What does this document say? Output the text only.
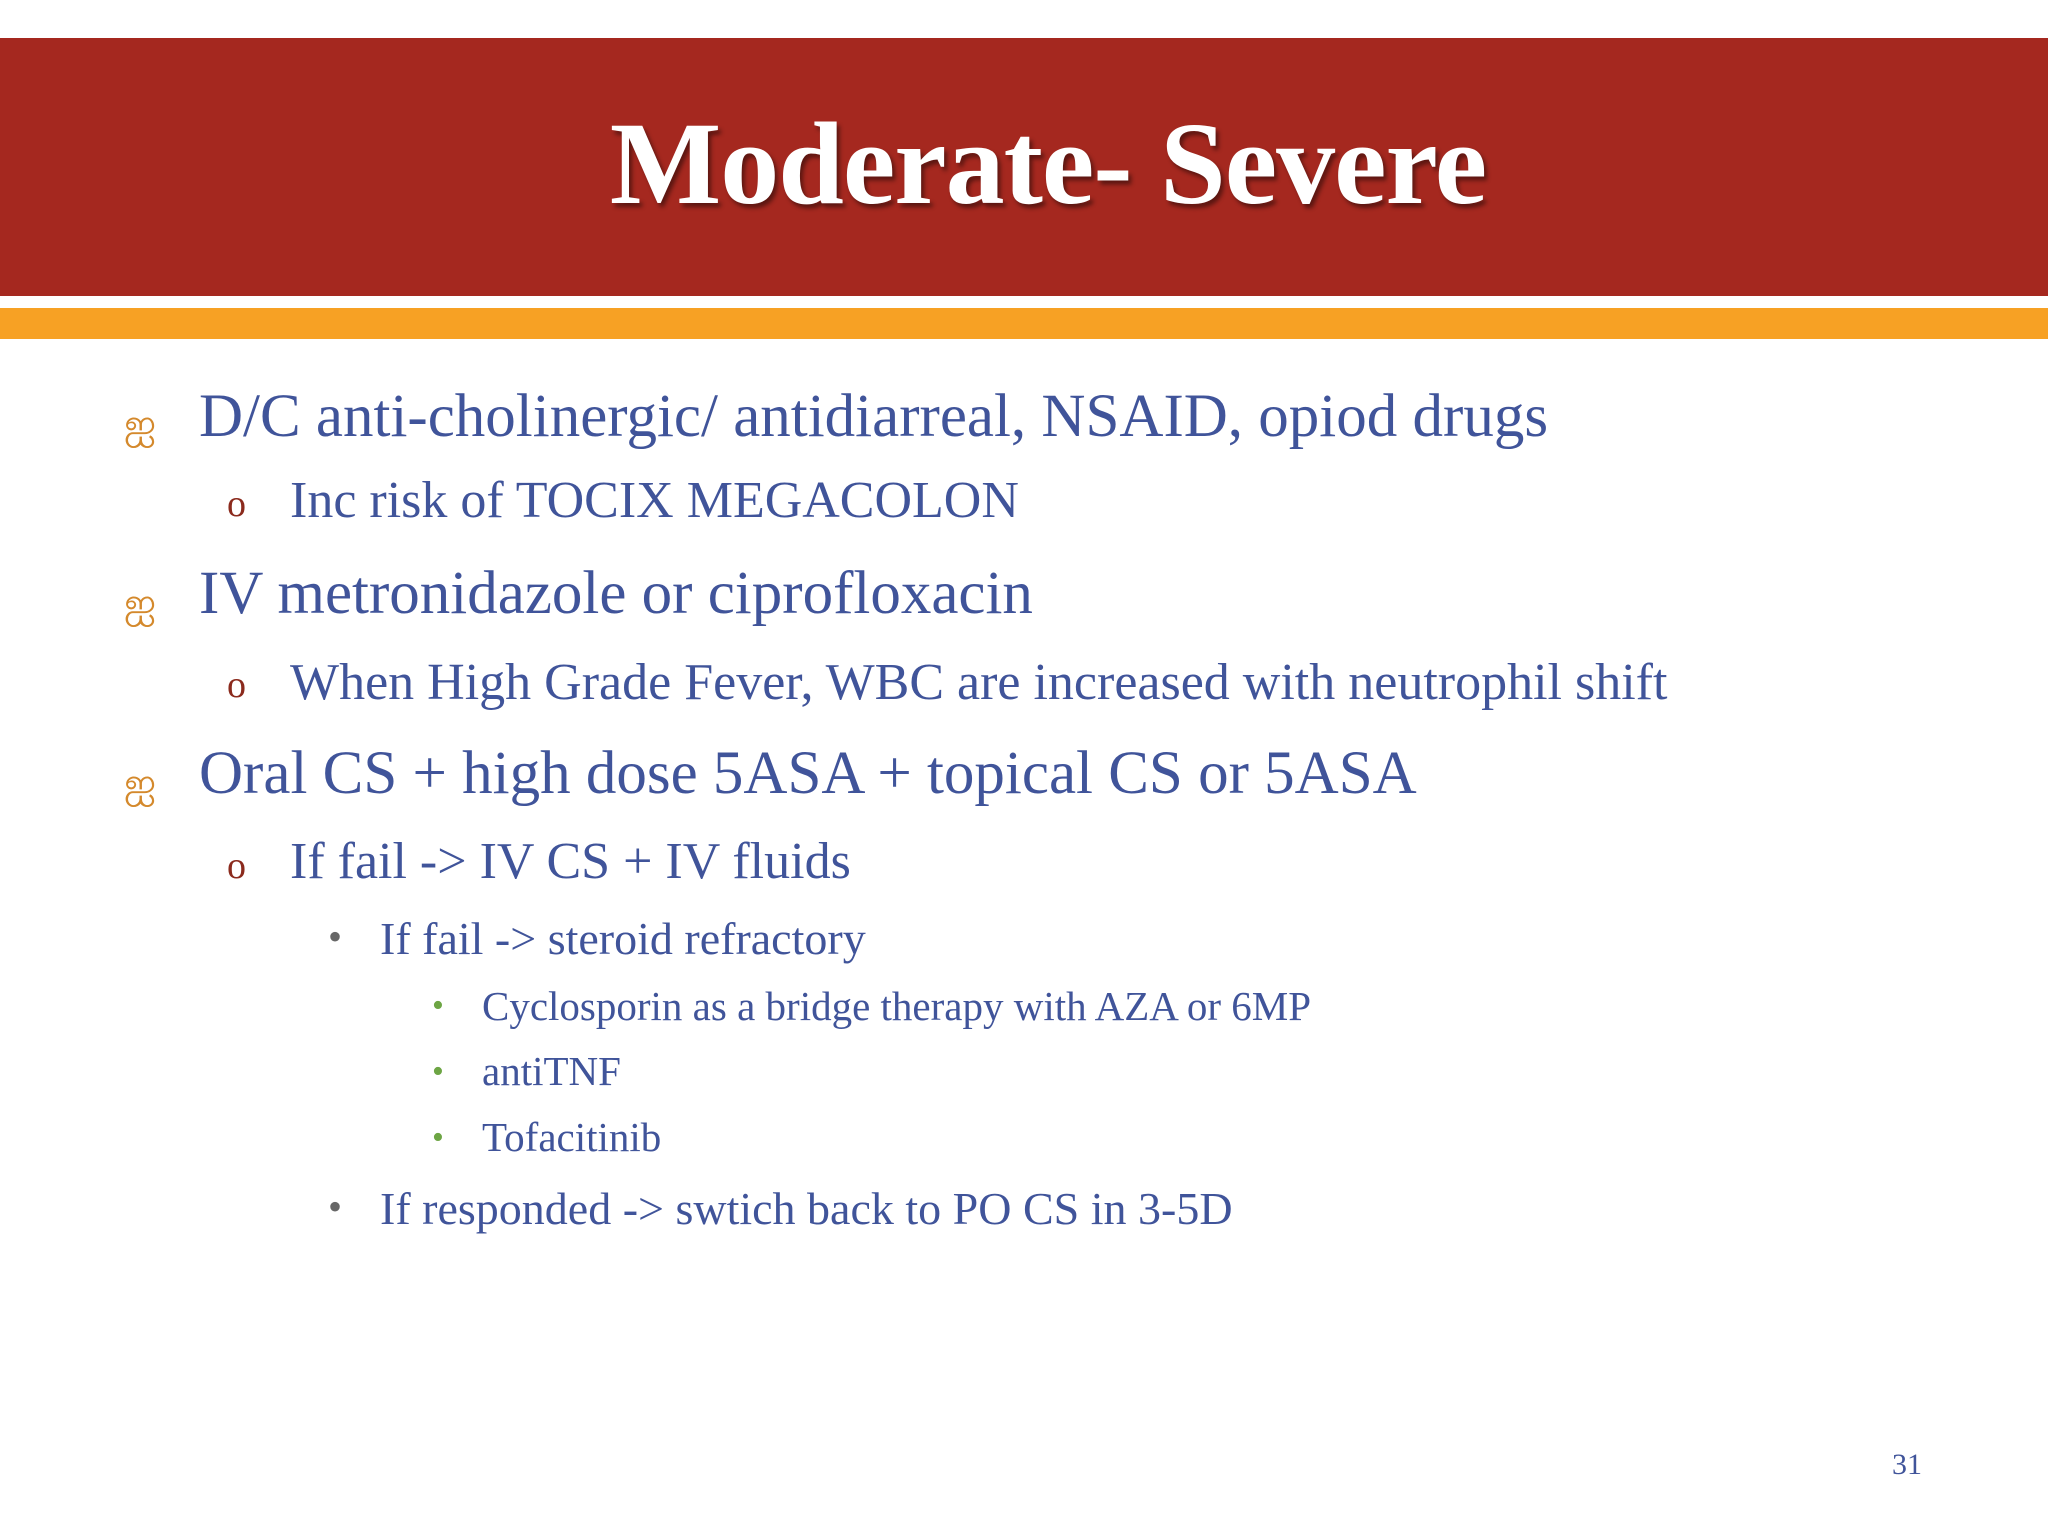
Moderate- Severe
ஐ D/C anti-cholinergic/ antidiarreal, NSAID, opiod drugs
o Inc risk of TOCIX MEGACOLON
ஐ IV metronidazole or ciprofloxacin
o When High Grade Fever, WBC are increased with neutrophil shift
ஐ Oral CS + high dose 5ASA + topical CS or 5ASA
o If fail -> IV CS + IV fluids
• If fail -> steroid refractory
• Cyclosporin as a bridge therapy with AZA or 6MP
• antiTNF
• Tofacitinib
• If responded -> swtich back to PO CS in 3-5D
31
